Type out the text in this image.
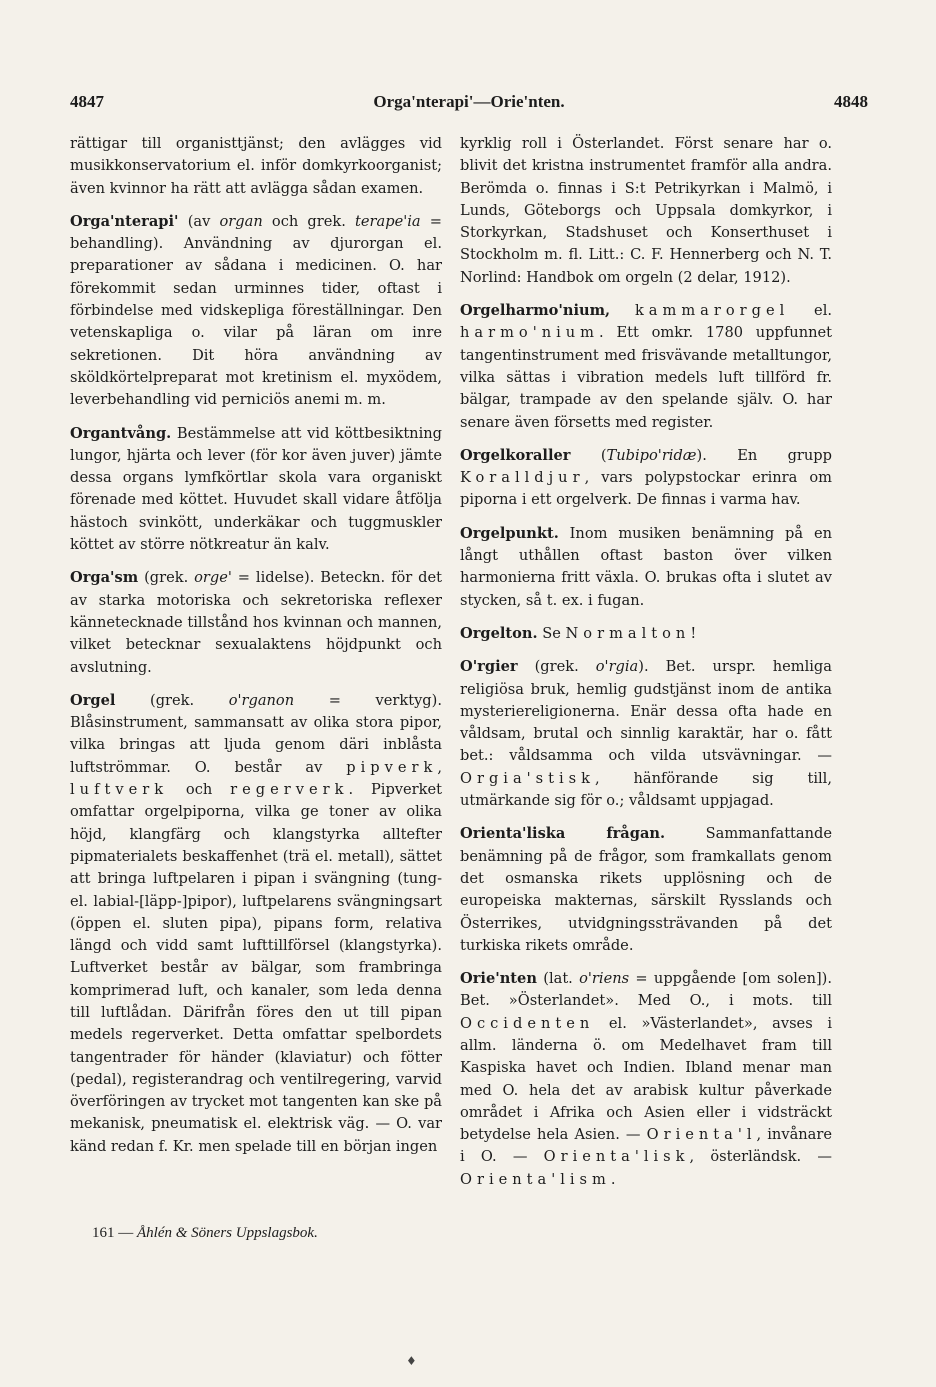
4847	Orga'nterapi'—Orie'nten.	4848

rättigar till organisttjänst; den avlägges vid musikkonservatorium el. inför domkyrkoorganist; även kvinnor ha rätt att avlägga sådan examen.

Orga'nterapi' (av organ och grek. terape'ia = behandling). Användning av djurorgan el. preparationer av sådana i medicinen. O. har förekommit sedan urminnes tider, oftast i förbindelse med vidskepliga föreställningar. Den vetenskapliga o. vilar på läran om inre sekretionen. Dit höra användning av sköldkörtelpreparat mot kretinism el. myxödem, leverbehandling vid perniciös anemi m. m.

Organtvång. Bestämmelse att vid köttbesiktning lungor, hjärta och lever (för kor även juver) jämte dessa organs lymfkörtlar skola vara organiskt förenade med köttet. Huvudet skall vidare åtfölja hästoch svinkött, underkäkar och tuggmuskler köttet av större nötkreatur än kalv.

Orga'sm (grek. orge' = lidelse). Beteckn. för det av starka motoriska och sekretoriska reflexer kännetecknade tillstånd hos kvinnan och mannen, vilket betecknar sexualaktens höjdpunkt och avslutning.

Orgel (grek. o'rganon = verktyg). Blåsinstrument, sammansatt av olika stora pipor, vilka bringas att ljuda genom däri inblåsta luftströmmar. O. består av pipverk, luftverk och regerverk. Pipverket omfattar orgelpiporna, vilka ge toner av olika höjd, klangfärg och klangstyrka alltefter pipmaterialets beskaffenhet (trä el. metall), sättet att bringa luftpelaren i pipan i svängning (tung- el. labial-[läpp-]pipor), luftpelarens svängningsart (öppen el. sluten pipa), pipans form, relativa längd och vidd samt lufttillförsel (klangstyrka). Luftverket består av bälgar, som frambringa komprimerad luft, och kanaler, som leda denna till luftlådan. Därifrån föres den ut till pipan medels regerverket. Detta omfattar spelbordets tangentrader för händer (klaviatur) och fötter (pedal), registerandrag och ventilregering, varvid överföringen av trycket mot tangenten kan ske på mekanisk, pneumatisk el. elektrisk väg. — O. var känd redan f. Kr. men spelade till en början ingen

kyrklig roll i Österlandet. Först senare har o. blivit det kristna instrumentet framför alla andra. Berömda o. finnas i S:t Petrikyrkan i Malmö, i Lunds, Göteborgs och Uppsala domkyrkor, i Storkyrkan, Stadshuset och Konserthuset i Stockholm m. fl. Litt.: C. F. Hennerberg och N. T. Norlind: Handbok om orgeln (2 delar, 1912).

Orgelharmo'nium, kammarorgel el. harmo'nium. Ett omkr. 1780 uppfunnet tangentinstrument med frisvävande metalltungor, vilka sättas i vibration medels luft tillförd fr. bälgar, trampade av den spelande själv. O. har senare även försetts med register.

Orgelkoraller (Tubipo'ridæ). En grupp Koralldjur, vars polypstockar erinra om piporna i ett orgelverk. De finnas i varma hav.

Orgelpunkt. Inom musiken benämning på en långt uthållen oftast baston över vilken harmonierna fritt växla. O. brukas ofta i slutet av stycken, så t. ex. i fugan.

Orgelton. Se Normalton!

O'rgier (grek. o'rgia). Bet. urspr. hemliga religiösa bruk, hemlig gudstjänst inom de antika mysteriereligionerna. Enär dessa ofta hade en våldsam, brutal och sinnlig karaktär, har o. fått bet.: våldsamma och vilda utsvävningar. — Orgia'stisk, hänförande sig till, utmärkande sig för o.; våldsamt uppjagad.

Orienta'liska frågan. Sammanfattande benämning på de frågor, som framkallats genom det osmanska rikets upplösning och de europeiska makternas, särskilt Rysslands och Österrikes, utvidgningssträvanden på det turkiska rikets område.

Orie'nten (lat. o'riens = uppgående [om solen]). Bet. »Österlandet». Med O., i mots. till Occidenten el. »Västerlandet», avses i allm. länderna ö. om Medelhavet fram till Kaspiska havet och Indien. Ibland menar man med O. hela det av arabisk kultur påverkade området i Afrika och Asien eller i vidsträckt betydelse hela Asien. — Orienta'l, invånare i O. — Orienta'lisk, österländsk. — Orienta'lism.

161 — Åhlén & Söners Uppslagsbok.
♦
